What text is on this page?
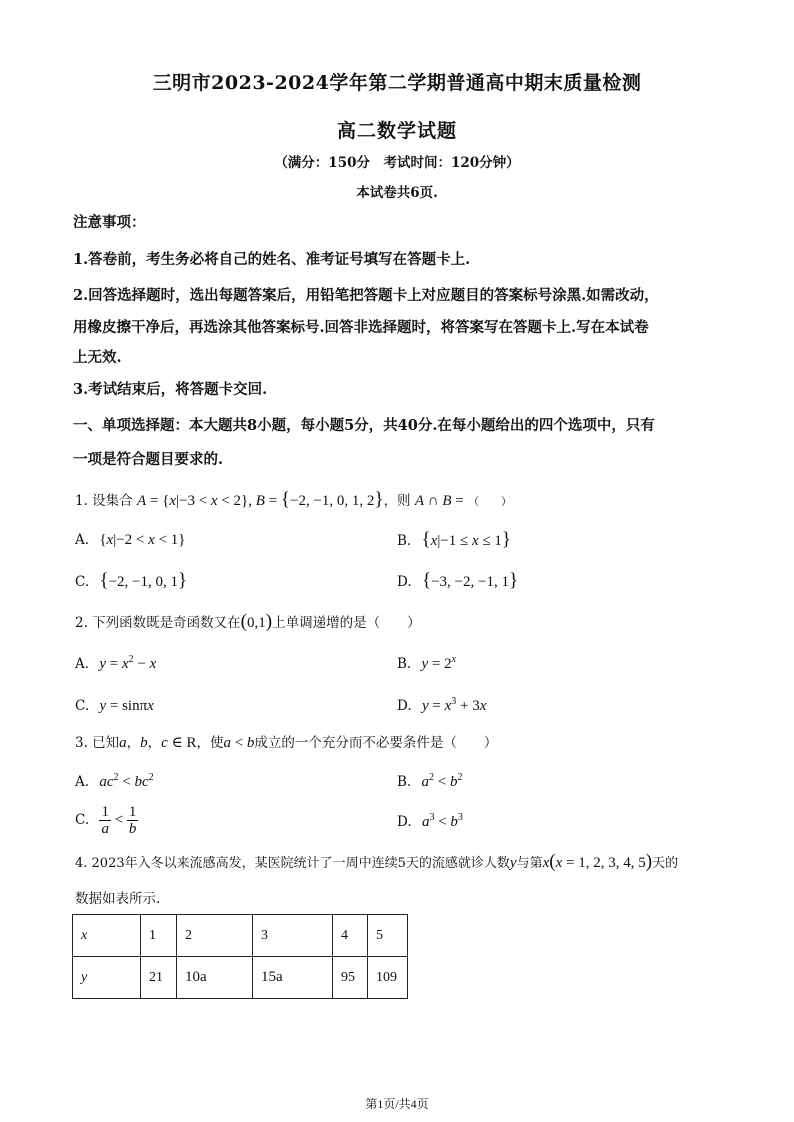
三明市2023-2024学年第二学期普通高中期末质量检测
高二数学试题
（满分：150分　考试时间：120分钟）
本试卷共6页.
注意事项：
1.答卷前，考生务必将自己的姓名、准考证号填写在答题卡上.
2.回答选择题时，选出每题答案后，用铅笔把答题卡上对应题目的答案标号涂黑.如需改动，
用橡皮擦干净后，再选涂其他答案标号.回答非选择题时，将答案写在答题卡上.写在本试卷
上无效.
3.考试结束后，将答题卡交回.
一、单项选择题：本大题共8小题，每小题5分，共40分.在每小题给出的四个选项中，只有
一项是符合题目要求的.
1. 设集合 A = {x|−3 < x < 2}, B = {−2, −1, 0, 1, 2}，则 A ∩ B = （　　）
A. {x|−2 < x < 1}	B. {x|−1 ≤ x ≤ 1}
C. {−2, −1, 0, 1}	D. {−3, −2, −1, 1}
2. 下列函数既是奇函数又在(0,1)上单调递增的是（　　）
A. $y = x^2 - x$	B. $y = 2^x$
C. y = sinπx	D. $y = x^3 + 3x$
3. 已知a，b，c ∈ R，使a < b成立的一个充分而不必要条件是（　　）
A. $ac^2 < bc^2$	B. $a^2 < b^2$
C. $\frac{1}{a} < \frac{1}{b}$	D. $a^3 < b^3$
4. 2023年入冬以来流感高发，某医院统计了一周中连续5天的流感就诊人数y与第x(x = 1, 2, 3, 4, 5)天的
数据如表所示.
x	1	2	3	4	5
y	21	10a	15a	95	109
第1页/共4页
